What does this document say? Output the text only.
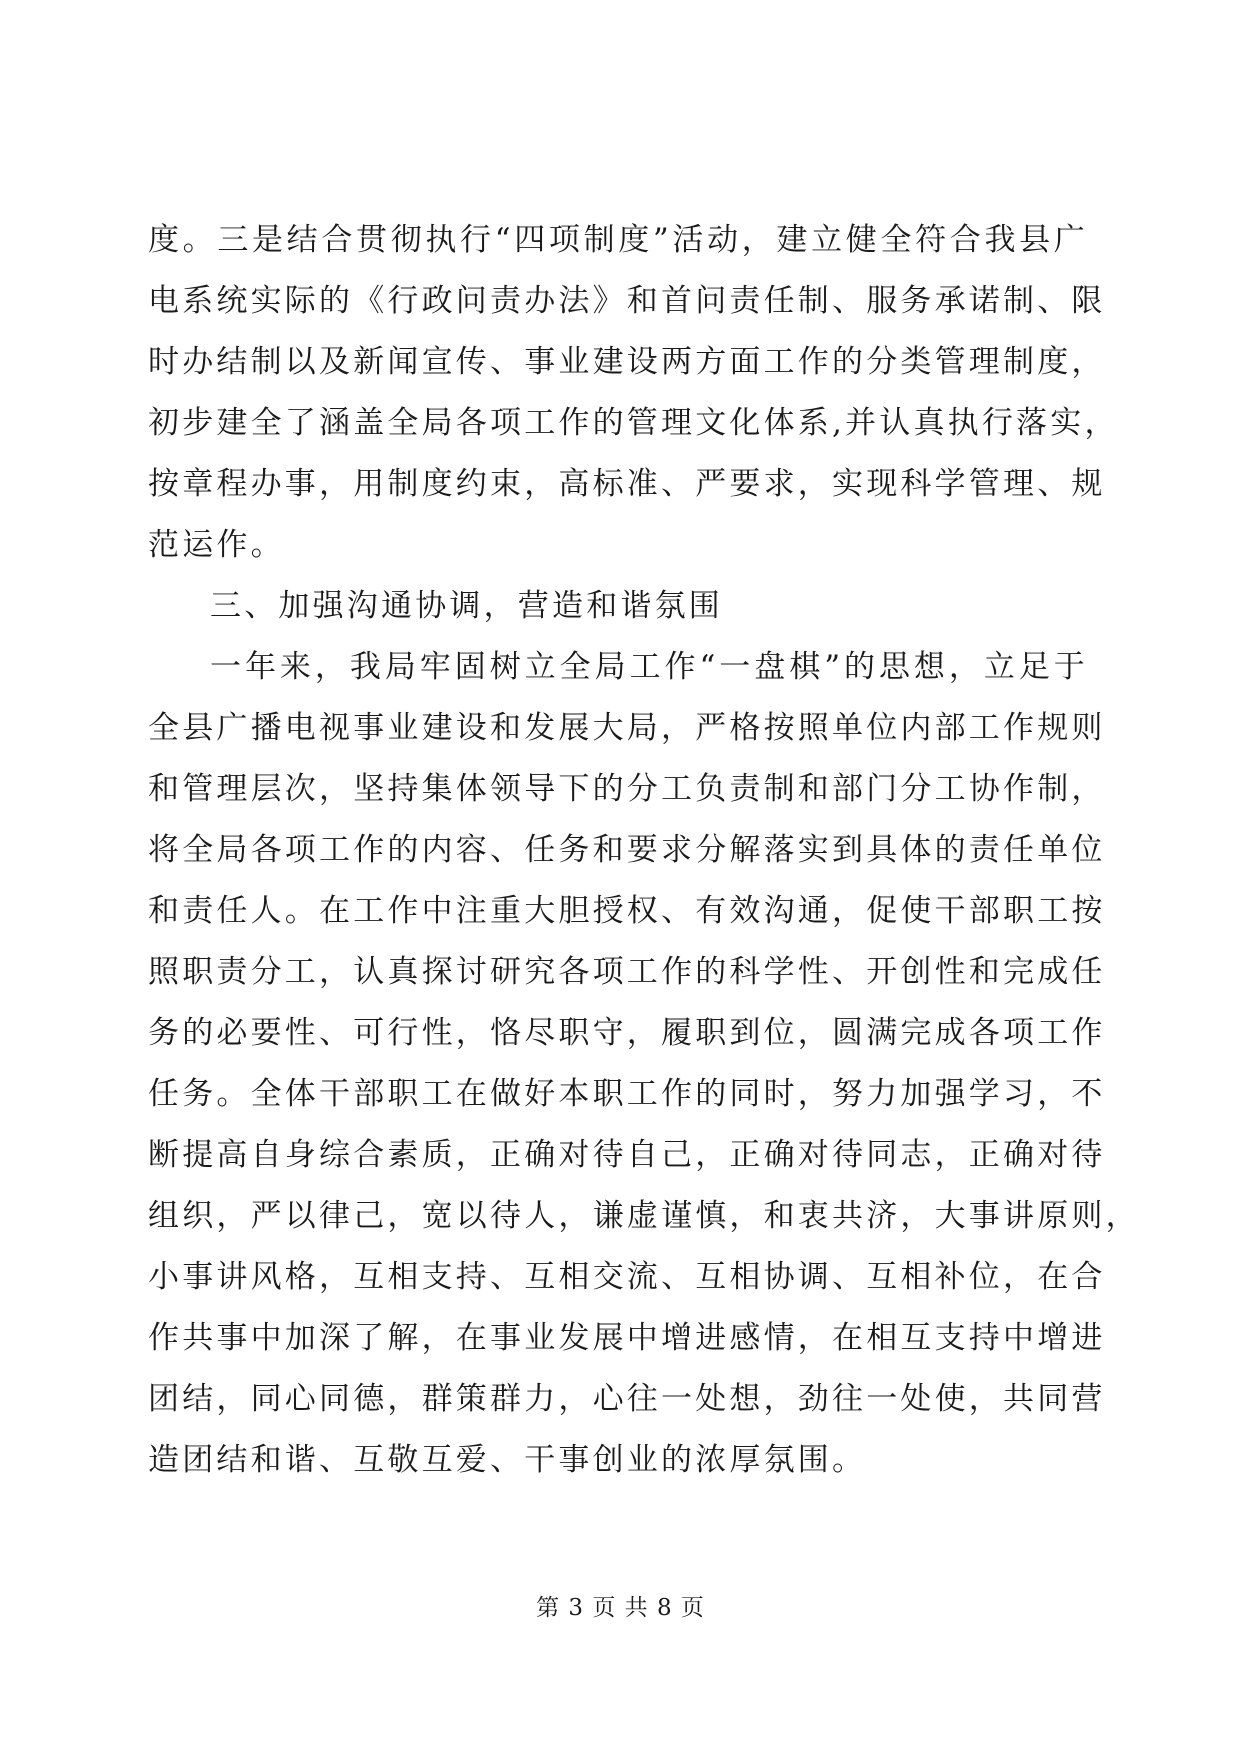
度。三是结合贯彻执行“四项制度”活动，建立健全符合我县广
电系统实际的《行政问责办法》和首问责任制、服务承诺制、限
时办结制以及新闻宣传、事业建设两方面工作的分类管理制度，
初步建全了涵盖全局各项工作的管理文化体系,并认真执行落实，
按章程办事，用制度约束，高标准、严要求，实现科学管理、规
范运作。
三、加强沟通协调，营造和谐氛围
一年来，我局牢固树立全局工作“一盘棋”的思想，立足于
全县广播电视事业建设和发展大局，严格按照单位内部工作规则
和管理层次，坚持集体领导下的分工负责制和部门分工协作制，
将全局各项工作的内容、任务和要求分解落实到具体的责任单位
和责任人。在工作中注重大胆授权、有效沟通，促使干部职工按
照职责分工，认真探讨研究各项工作的科学性、开创性和完成任
务的必要性、可行性，恪尽职守，履职到位，圆满完成各项工作
任务。全体干部职工在做好本职工作的同时，努力加强学习，不
断提高自身综合素质，正确对待自己，正确对待同志，正确对待
组织，严以律己，宽以待人，谦虚谨慎，和衷共济，大事讲原则，
小事讲风格，互相支持、互相交流、互相协调、互相补位，在合
作共事中加深了解，在事业发展中增进感情，在相互支持中增进
团结，同心同德，群策群力，心往一处想，劲往一处使，共同营
造团结和谐、互敬互爱、干事创业的浓厚氛围。
第 3 页 共 8 页
